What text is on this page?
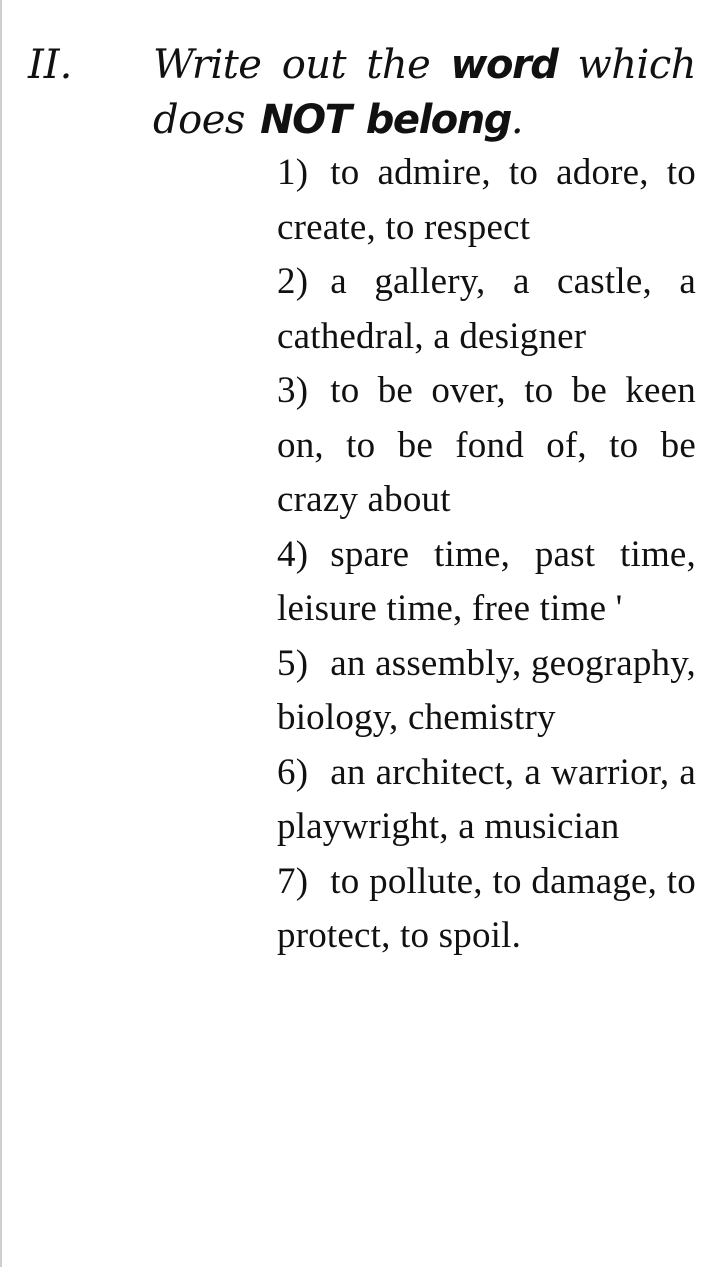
II. Write out the word which does NOT belong.
1) to admire, to adore, to create, to respect
2) a gallery, a castle, a cathedral, a designer
3) to be over, to be keen on, to be fond of, to be crazy about
4) spare time, past time, leisure time, free time '
5) an assembly, geography, biology, chemistry
6) an architect, a warrior, a playwright, a musician
7) to pollute, to damage, to protect, to spoil.
